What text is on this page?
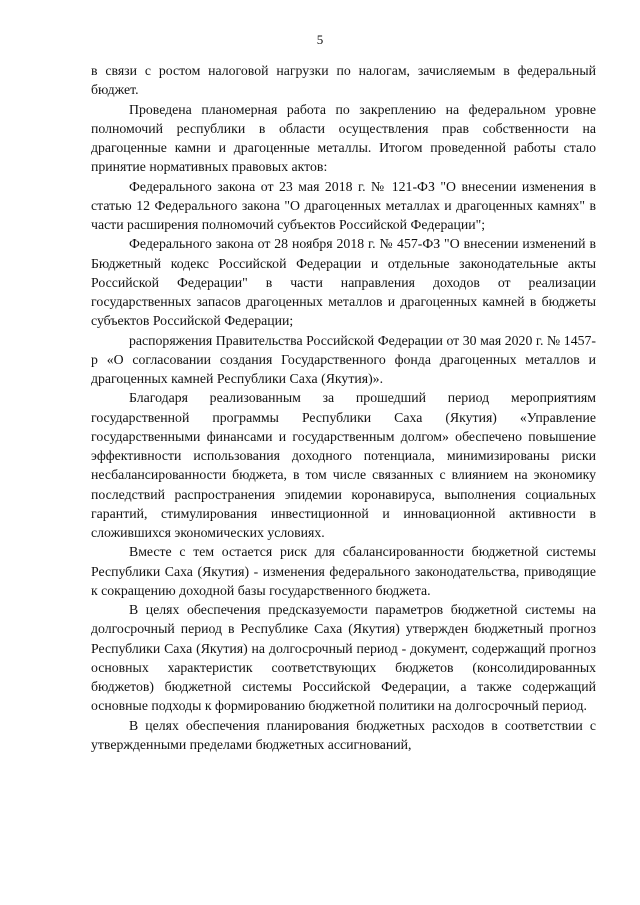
5

в связи с ростом налоговой нагрузки по налогам, зачисляемым в федеральный бюджет.

Проведена планомерная работа по закреплению на федеральном уровне полномочий республики в области осуществления прав собственности на драгоценные камни и драгоценные металлы. Итогом проведенной работы стало принятие нормативных правовых актов:

Федерального закона от 23 мая 2018 г. № 121-ФЗ "О внесении изменения в статью 12 Федерального закона "О драгоценных металлах и драгоценных камнях" в части расширения полномочий субъектов Российской Федерации";

Федерального закона от 28 ноября 2018 г. № 457-ФЗ "О внесении изменений в Бюджетный кодекс Российской Федерации и отдельные законодательные акты Российской Федерации" в части направления доходов от реализации государственных запасов драгоценных металлов и драгоценных камней в бюджеты субъектов Российской Федерации;

распоряжения Правительства Российской Федерации от 30 мая 2020 г. № 1457-р «О согласовании создания Государственного фонда драгоценных металлов и драгоценных камней Республики Саха (Якутия)».

Благодаря реализованным за прошедший период мероприятиям государственной программы Республики Саха (Якутия) «Управление государственными финансами и государственным долгом» обеспечено повышение эффективности использования доходного потенциала, минимизированы риски несбалансированности бюджета, в том числе связанных с влиянием на экономику последствий распространения эпидемии коронавируса, выполнения социальных гарантий, стимулирования инвестиционной и инновационной активности в сложившихся экономических условиях.

Вместе с тем остается риск для сбалансированности бюджетной системы Республики Саха (Якутия) - изменения федерального законодательства, приводящие к сокращению доходной базы государственного бюджета.

В целях обеспечения предсказуемости параметров бюджетной системы на долгосрочный период в Республике Саха (Якутия) утвержден бюджетный прогноз Республики Саха (Якутия) на долгосрочный период - документ, содержащий прогноз основных характеристик соответствующих бюджетов (консолидированных бюджетов) бюджетной системы Российской Федерации, а также содержащий основные подходы к формированию бюджетной политики на долгосрочный период.

В целях обеспечения планирования бюджетных расходов в соответствии с утвержденными пределами бюджетных ассигнований,
